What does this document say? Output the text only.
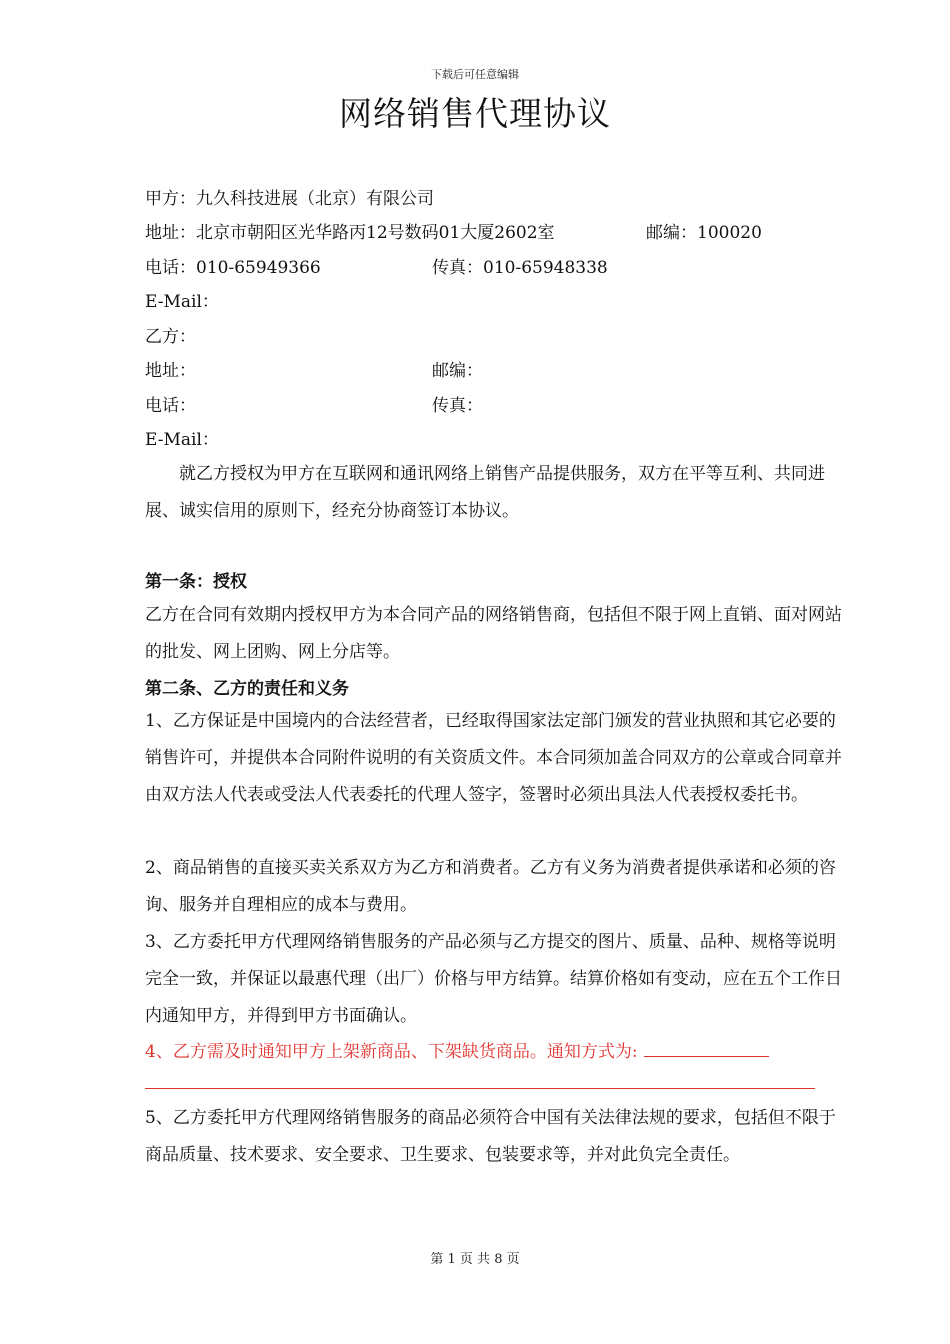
下载后可任意编辑
网络销售代理协议
甲方：九久科技进展（北京）有限公司
地址：北京市朝阳区光华路丙12号数码01大厦2602室	邮编：100020
电话：010-65949366	传真：010-65948338
E-Mail：
乙方：
地址：	邮编：
电话：	传真：
E-Mail：
就乙方授权为甲方在互联网和通讯网络上销售产品提供服务，双方在平等互利、共同进展、诚实信用的原则下，经充分协商签订本协议。
第一条：授权
乙方在合同有效期内授权甲方为本合同产品的网络销售商，包括但不限于网上直销、面对网站的批发、网上团购、网上分店等。
第二条、乙方的责任和义务
1、乙方保证是中国境内的合法经营者，已经取得国家法定部门颁发的营业执照和其它必要的销售许可，并提供本合同附件说明的有关资质文件。本合同须加盖合同双方的公章或合同章并由双方法人代表或受法人代表委托的代理人签字，签署时必须出具法人代表授权委托书。
2、商品销售的直接买卖关系双方为乙方和消费者。乙方有义务为消费者提供承诺和必须的咨询、服务并自理相应的成本与费用。
3、乙方委托甲方代理网络销售服务的产品必须与乙方提交的图片、质量、品种、规格等说明完全一致，并保证以最惠代理（出厂）价格与甲方结算。结算价格如有变动，应在五个工作日内通知甲方，并得到甲方书面确认。
4、乙方需及时通知甲方上架新商品、下架缺货商品。通知方式为:
5、乙方委托甲方代理网络销售服务的商品必须符合中国有关法律法规的要求，包括但不限于商品质量、技术要求、安全要求、卫生要求、包装要求等，并对此负完全责任。
第 1 页 共 8 页
